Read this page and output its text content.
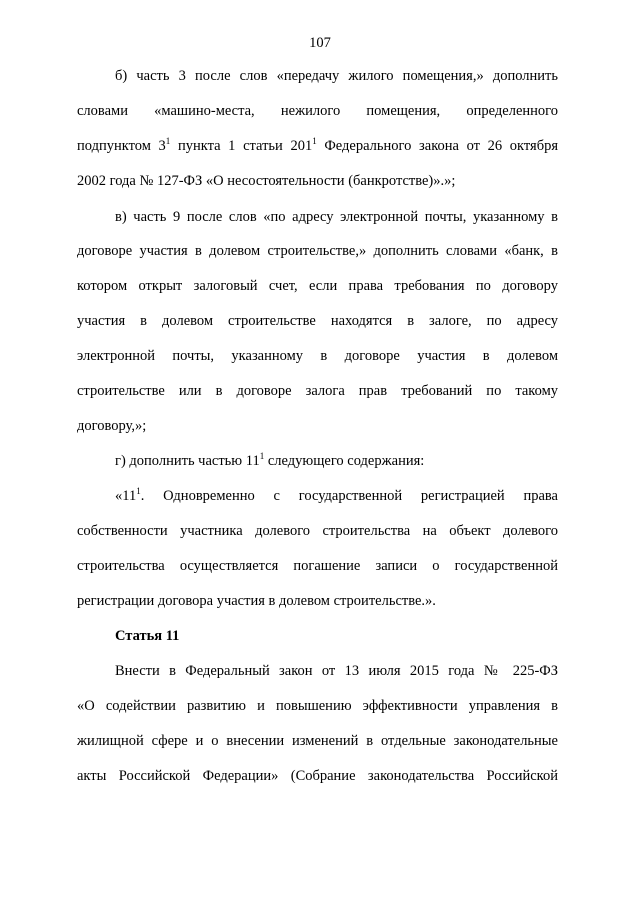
107
б) часть 3 после слов «передачу жилого помещения,» дополнить
словами «машино-места, нежилого помещения, определенного
подпунктом $3^1$ пункта 1 статьи $201^1$ Федерального закона от 26 октября
2002 года № 127-ФЗ «О несостоятельности (банкротстве)».»;
в) часть 9 после слов «по адресу электронной почты, указанному в
договоре участия в долевом строительстве,» дополнить словами «банк, в
котором открыт залоговый счет, если права требования по договору
участия в долевом строительстве находятся в залоге, по адресу
электронной почты, указанному в договоре участия в долевом
строительстве или в договоре залога прав требований по такому
договору,»;
г) дополнить частью $11^1$ следующего содержания:
«$11^1$. Одновременно с государственной регистрацией права
собственности участника долевого строительства на объект долевого
строительства осуществляется погашение записи о государственной
регистрации договора участия в долевом строительстве.».
Статья 11
Внести в Федеральный закон от 13 июля 2015 года № 225-ФЗ
«О содействии развитию и повышению эффективности управления в
жилищной сфере и о внесении изменений в отдельные законодательные
акты Российской Федерации» (Собрание законодательства Российской
